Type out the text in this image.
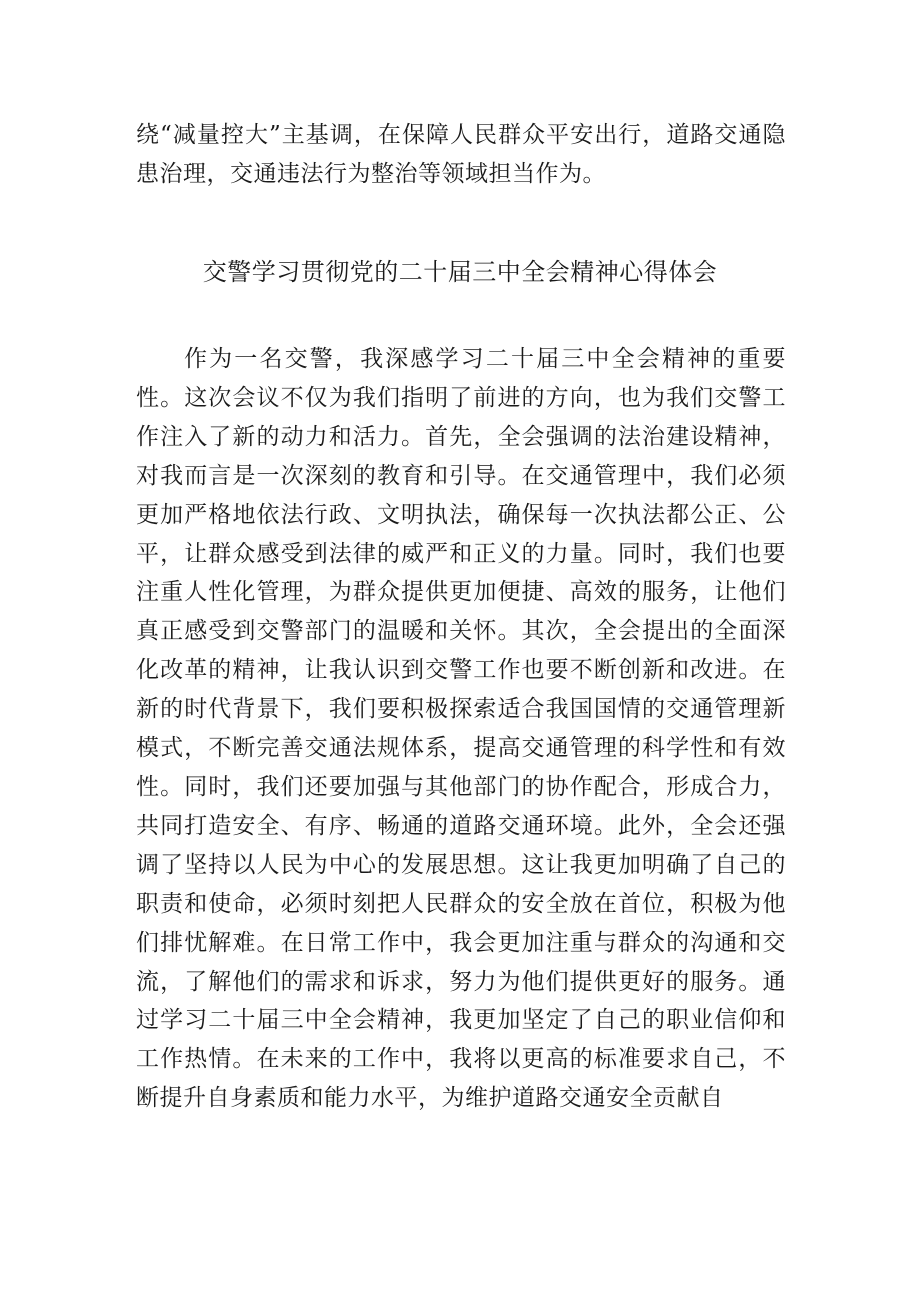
绕“减量控大”主基调，在保障人民群众平安出行，道路交通隐患治理，交通违法行为整治等领域担当作为。
交警学习贯彻党的二十届三中全会精神心得体会
作为一名交警，我深感学习二十届三中全会精神的重要性。这次会议不仅为我们指明了前进的方向，也为我们交警工作注入了新的动力和活力。首先，全会强调的法治建设精神，对我而言是一次深刻的教育和引导。在交通管理中，我们必须更加严格地依法行政、文明执法，确保每一次执法都公正、公平，让群众感受到法律的威严和正义的力量。同时，我们也要注重人性化管理，为群众提供更加便捷、高效的服务，让他们真正感受到交警部门的温暖和关怀。其次，全会提出的全面深化改革的精神，让我认识到交警工作也要不断创新和改进。在新的时代背景下，我们要积极探索适合我国国情的交通管理新模式，不断完善交通法规体系，提高交通管理的科学性和有效性。同时，我们还要加强与其他部门的协作配合，形成合力，共同打造安全、有序、畅通的道路交通环境。此外，全会还强调了坚持以人民为中心的发展思想。这让我更加明确了自己的职责和使命，必须时刻把人民群众的安全放在首位，积极为他们排忧解难。在日常工作中，我会更加注重与群众的沟通和交流，了解他们的需求和诉求，努力为他们提供更好的服务。通过学习二十届三中全会精神，我更加坚定了自己的职业信仰和工作热情。在未来的工作中，我将以更高的标准要求自己，不断提升自身素质和能力水平，为维护道路交通安全贡献自
